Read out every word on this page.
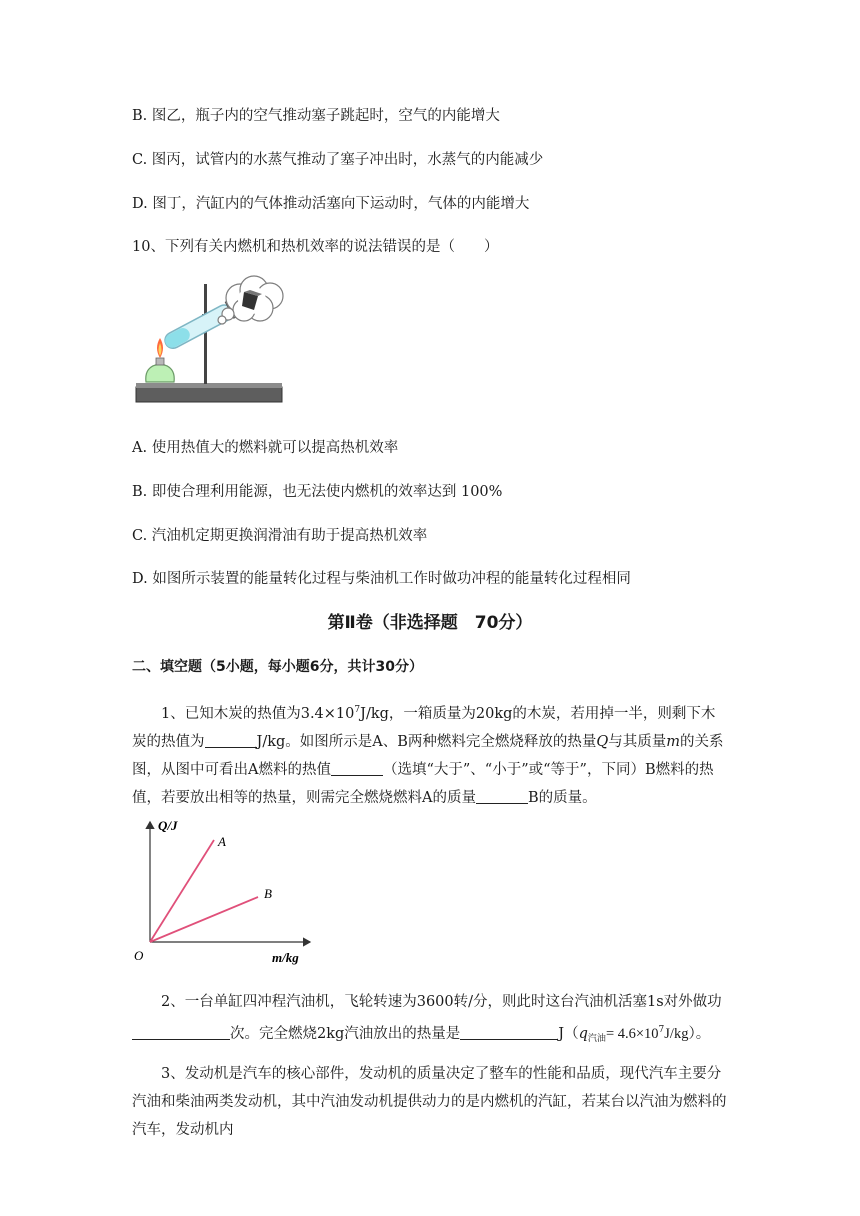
B. 图乙，瓶子内的空气推动塞子跳起时，空气的内能增大
C. 图丙，试管内的水蒸气推动了塞子冲出时，水蒸气的内能减少
D. 图丁，汽缸内的气体推动活塞向下运动时，气体的内能增大
10、下列有关内燃机和热机效率的说法错误的是（　　）
A. 使用热值大的燃料就可以提高热机效率
B. 即使合理利用能源，也无法使内燃机的效率达到 100%
C. 汽油机定期更换润滑油有助于提高热机效率
D. 如图所示装置的能量转化过程与柴油机工作时做功冲程的能量转化过程相同
第Ⅱ卷（非选择题　70分）
二、填空题（5小题，每小题6分，共计30分）
1、已知木炭的热值为$3.4\times 10^7J/kg$，一箱质量为20kg的木炭，若用掉一半，则剩下木炭的热值为	J/kg。如图所示是A、B两种燃料完全燃烧释放的热量Q与其质量m的关系图，从图中可看出A燃料的热值	（选填“大于”、“小于”或“等于”，下同）B燃料的热值，若要放出相等的热量，则需完全燃烧燃料A的质量	B的质量。
Q/J
m/kg
O
A
B
2、一台单缸四冲程汽油机，飞轮转速为3600转/分，则此时这台汽油机活塞1s对外做功次。完全燃烧2kg汽油放出的热量是	$J(q_{汽油}= 4.6\times 10^7J/kg)$。
3、发动机是汽车的核心部件，发动机的质量决定了整车的性能和品质，现代汽车主要分汽油和柴油两类发动机，其中汽油发动机提供动力的是内燃机的汽缸，若某台以汽油为燃料的汽车，发动机内
